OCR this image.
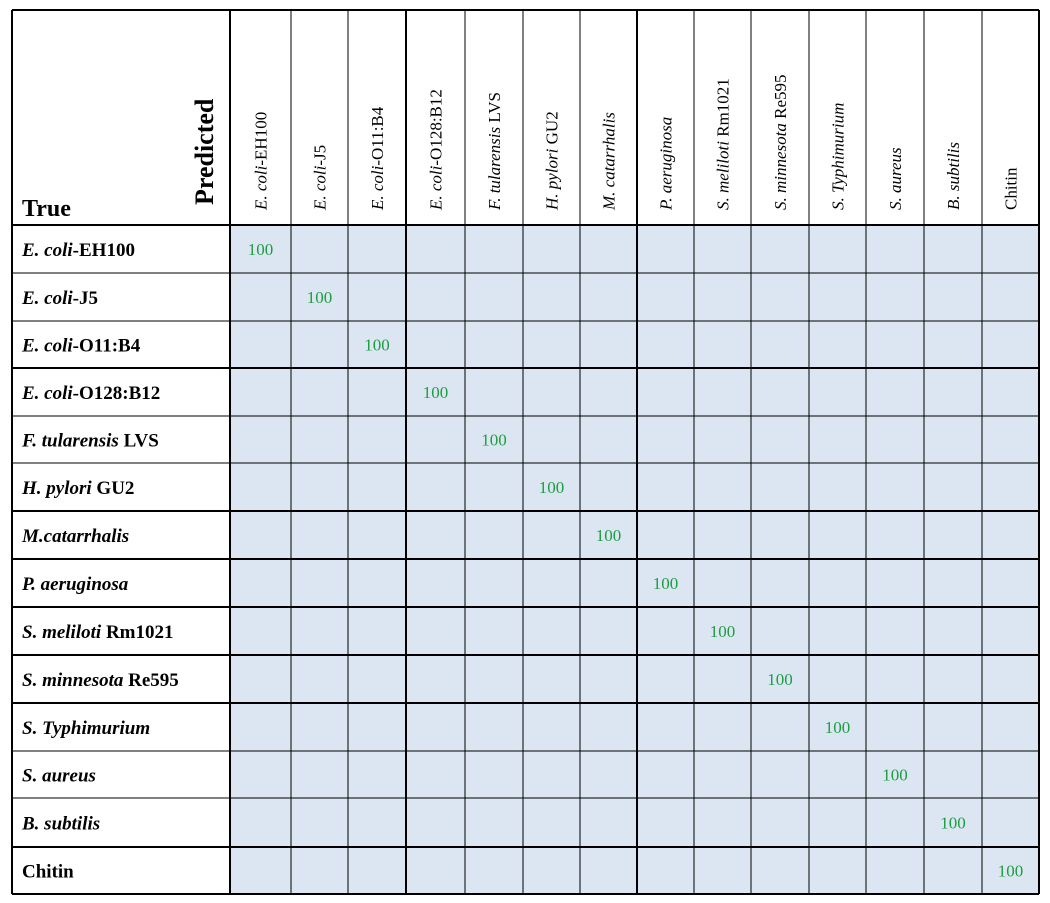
100
100
100
100
100
100
100
100
100
100
100
100
100
100
E. coli-EH100
E. coli-J5
E. coli-O11:B4
E. coli-O128:B12
F. tularensis LVS
H. pylori GU2
M.catarrhalis
P. aeruginosa
S. meliloti Rm1021
S. minnesota Re595
S. Typhimurium
S. aureus
B. subtilis
Chitin
E. coli-EH100
E. coli-J5
E. coli-O11:B4
E. coli-O128:B12 F. tularensis LVS
H. pylori GU2 M. catarrhalis P. aeruginosa S. meliloti Rm1021
S. minnesota Re595
S. Typhimurium S. aureus B. subtilis Chitin
True
Predicted
